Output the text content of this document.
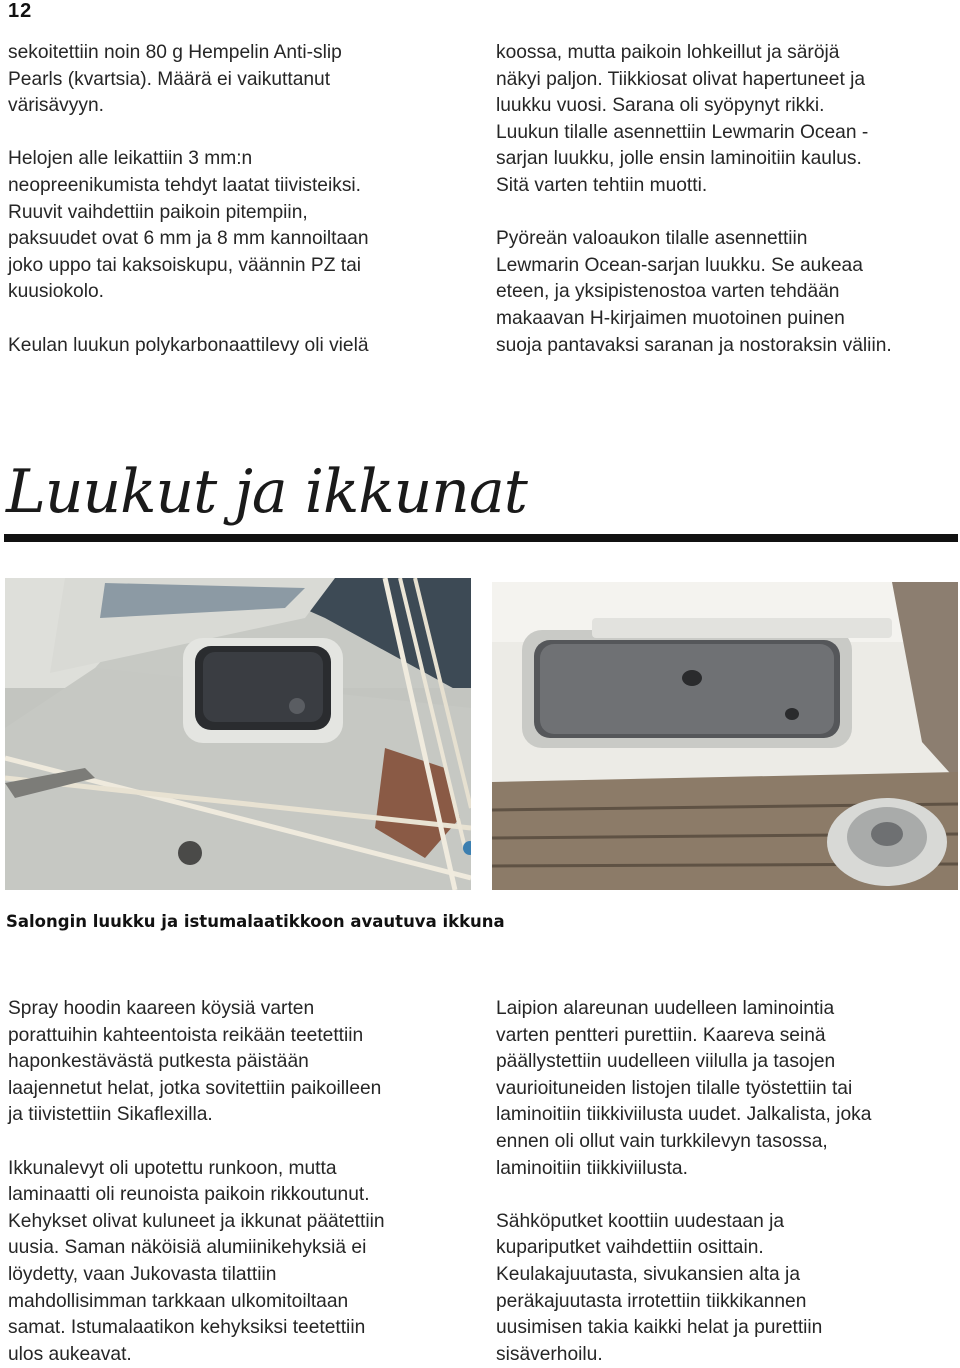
12

sekoitettiin noin 80 g Hempelin Anti-slip
Pearls (kvartsia). Määrä ei vaikuttanut
värisävyyn.

Helojen alle leikattiin 3 mm:n
neopreenikumista tehdyt laatat tiivisteiksi.
Ruuvit vaihdettiin paikoin pitempiin,
paksuudet ovat 6 mm ja 8 mm kannoiltaan
joko uppo tai kaksoiskupu, väännin PZ tai
kuusiokolo.

Keulan luukun polykarbonaattilevy oli vielä

koossa, mutta paikoin lohkeillut ja säröjä
näkyi paljon. Tiikkiosat olivat hapertuneet ja
luukku vuosi. Sarana oli syöpynyt rikki.
Luukun tilalle asennettiin Lewmarin Ocean -
sarjan luukku, jolle ensin laminoitiin kaulus.
Sitä varten tehtiin muotti.

Pyöreän valoaukon tilalle asennettiin
Lewmarin Ocean-sarjan luukku. Se aukeaa
eteen, ja yksipistenostoa varten tehdään
makaavan H-kirjaimen muotoinen puinen
suoja pantavaksi saranan ja nostoraksin väliin.

Luukut ja ikkunat
Salongin luukku ja istumalaatikkoon avautuva ikkuna

Spray hoodin kaareen köysiä varten
porattuihin kahteentoista reikään teetettiin
haponkestävästä putkesta päistään
laajennetut helat, jotka sovitettiin paikoilleen
ja tiivistettiin Sikaflexilla.

Ikkunalevyt oli upotettu runkoon, mutta
laminaatti oli reunoista paikoin rikkoutunut.
Kehykset olivat kuluneet ja ikkunat päätettiin
uusia. Saman näköisiä alumiinikehyksiä ei
löydetty, vaan Jukovasta tilattiin
mahdollisimman tarkkaan ulkomitoiltaan
samat. Istumalaatikon kehyksiksi teetettiin
ulos aukeavat.

Laipion alareunan uudelleen laminointia
varten pentteri purettiin. Kaareva seinä
päällystettiin uudelleen viilulla ja tasojen
vaurioituneiden listojen tilalle työstettiin tai
laminoitiin tiikkiviilusta uudet. Jalkalista, joka
ennen oli ollut vain turkkilevyn tasossa,
laminoitiin tiikkiviilusta.

Sähköputket koottiin uudestaan ja
kupariputket vaihdettiin osittain.
Keulakajuutasta, sivukansien alta ja
peräkajuutasta irrotettiin tiikkikannen
uusimisen takia kaikki helat ja purettiin
sisäverhoilu.
